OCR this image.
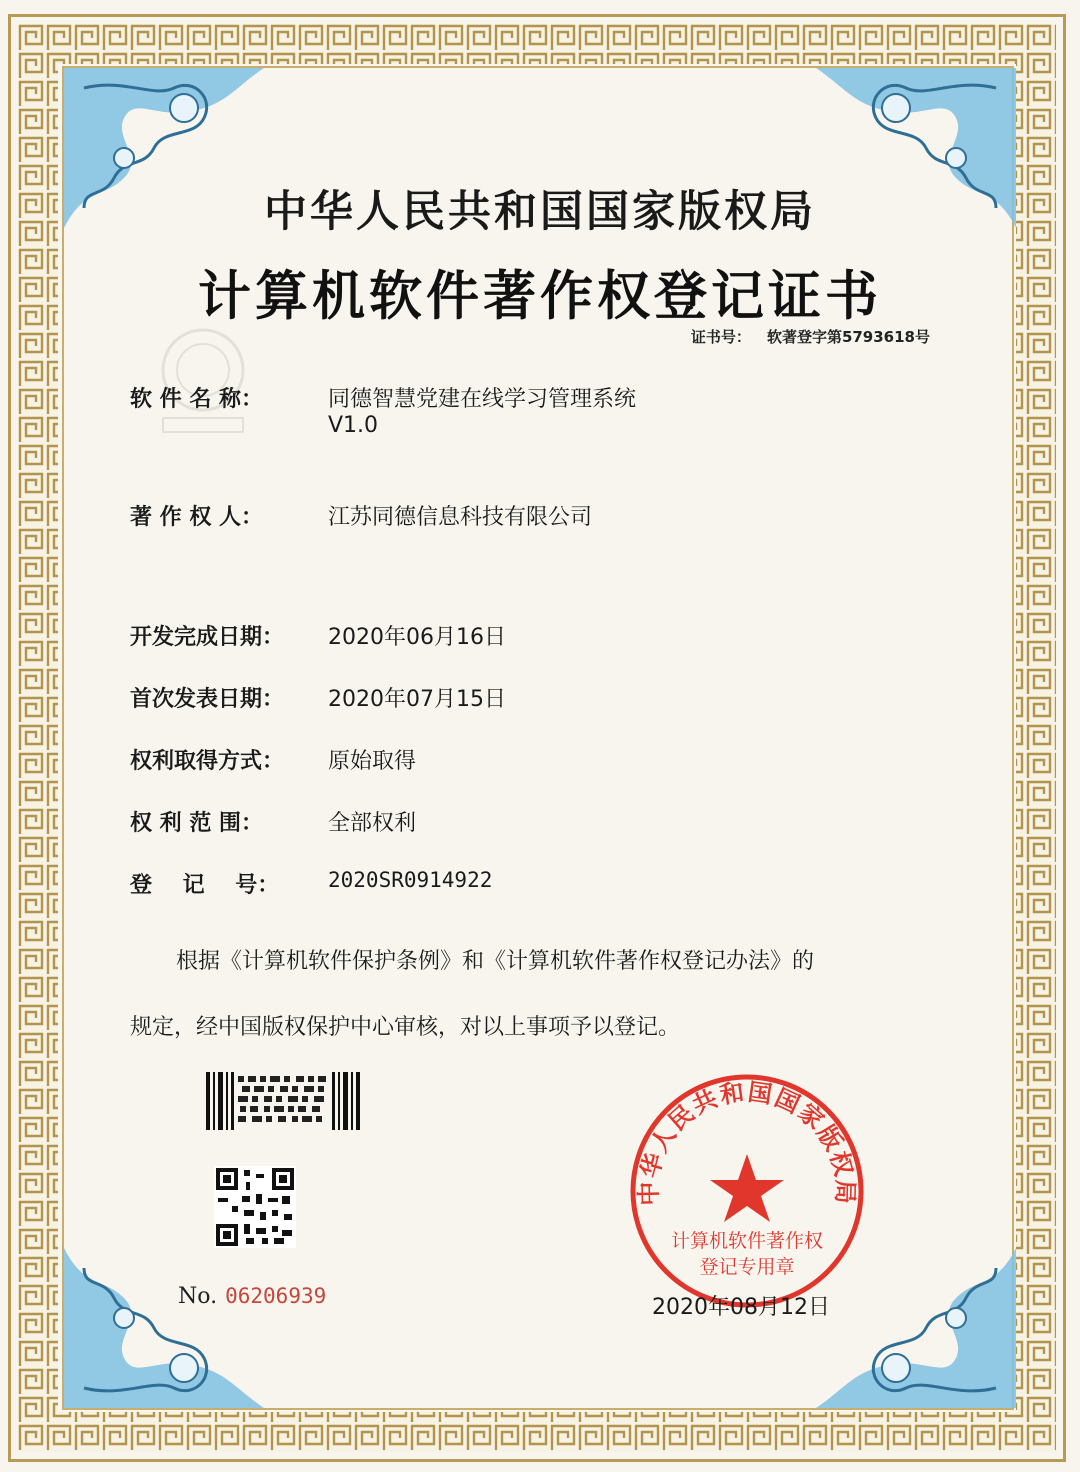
中华人民共和国国家版权局
计算机软件著作权登记证书
证书号： 软著登字第5793618号
软 件 名 称：	同德智慧党建在线学习管理系统
V1.0
著 作 权 人：	江苏同德信息科技有限公司
开发完成日期： 2020年06月16日
首次发表日期： 2020年07月15日
权利取得方式： 原始取得
权 利 范 围：	全部权利
登    记    号： 2020SR0914922
根据《计算机软件保护条例》和《计算机软件著作权登记办法》的
规定，经中国版权保护中心审核，对以上事项予以登记。
No. 06206939
中华人民共和国国家版权局
计算机软件著作权
登记专用章
2020年08月12日
